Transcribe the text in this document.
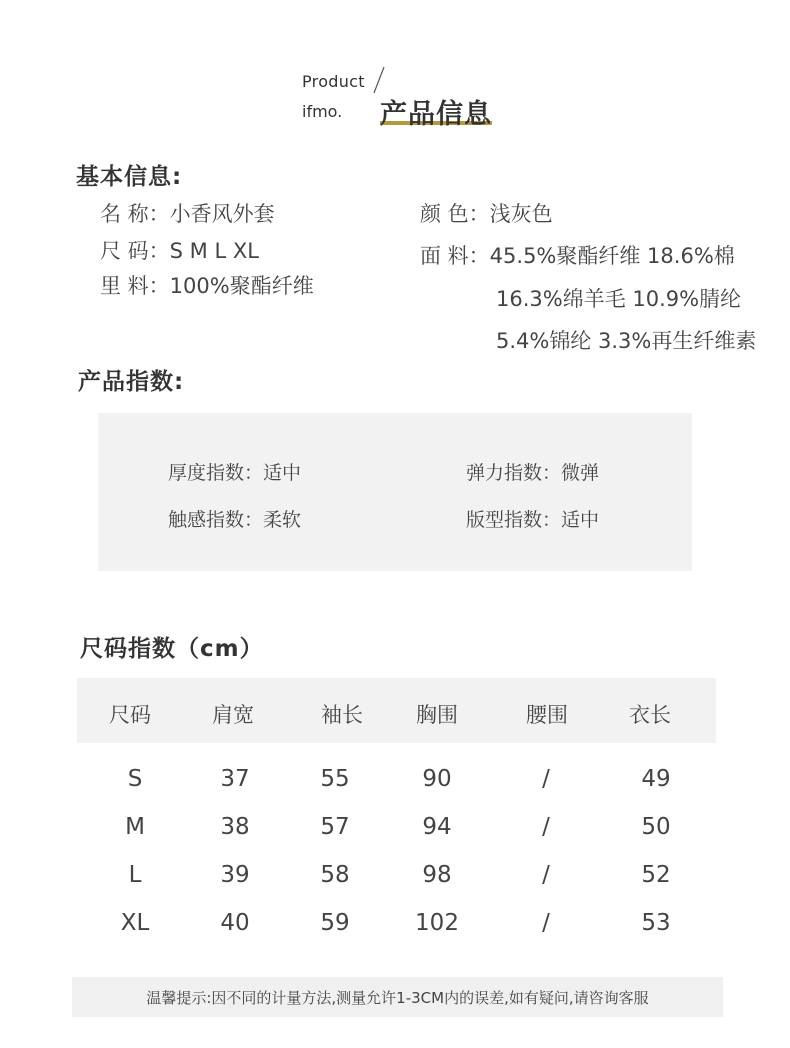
Product
ifmo. 产品信息
基本信息:
名 称：小香风外套
尺 码：S M L XL
里 料：100%聚酯纤维
颜 色：浅灰色
面 料：45.5%聚酯纤维 18.6%棉
16.3%绵羊毛 10.9%腈纶
5.4%锦纶 3.3%再生纤维素
产品指数:
厚度指数：适中	弹力指数：微弹
触感指数：柔软	版型指数：适中
尺码指数（cm）
尺码	肩宽	袖长	胸围	腰围	衣长
S	37	55	90	/	49
M	38	57	94	/	50
L	39	58	98	/	52
XL	40	59	102	/	53
温馨提示:因不同的计量方法,测量允许1-3CM内的误差,如有疑问,请咨询客服
